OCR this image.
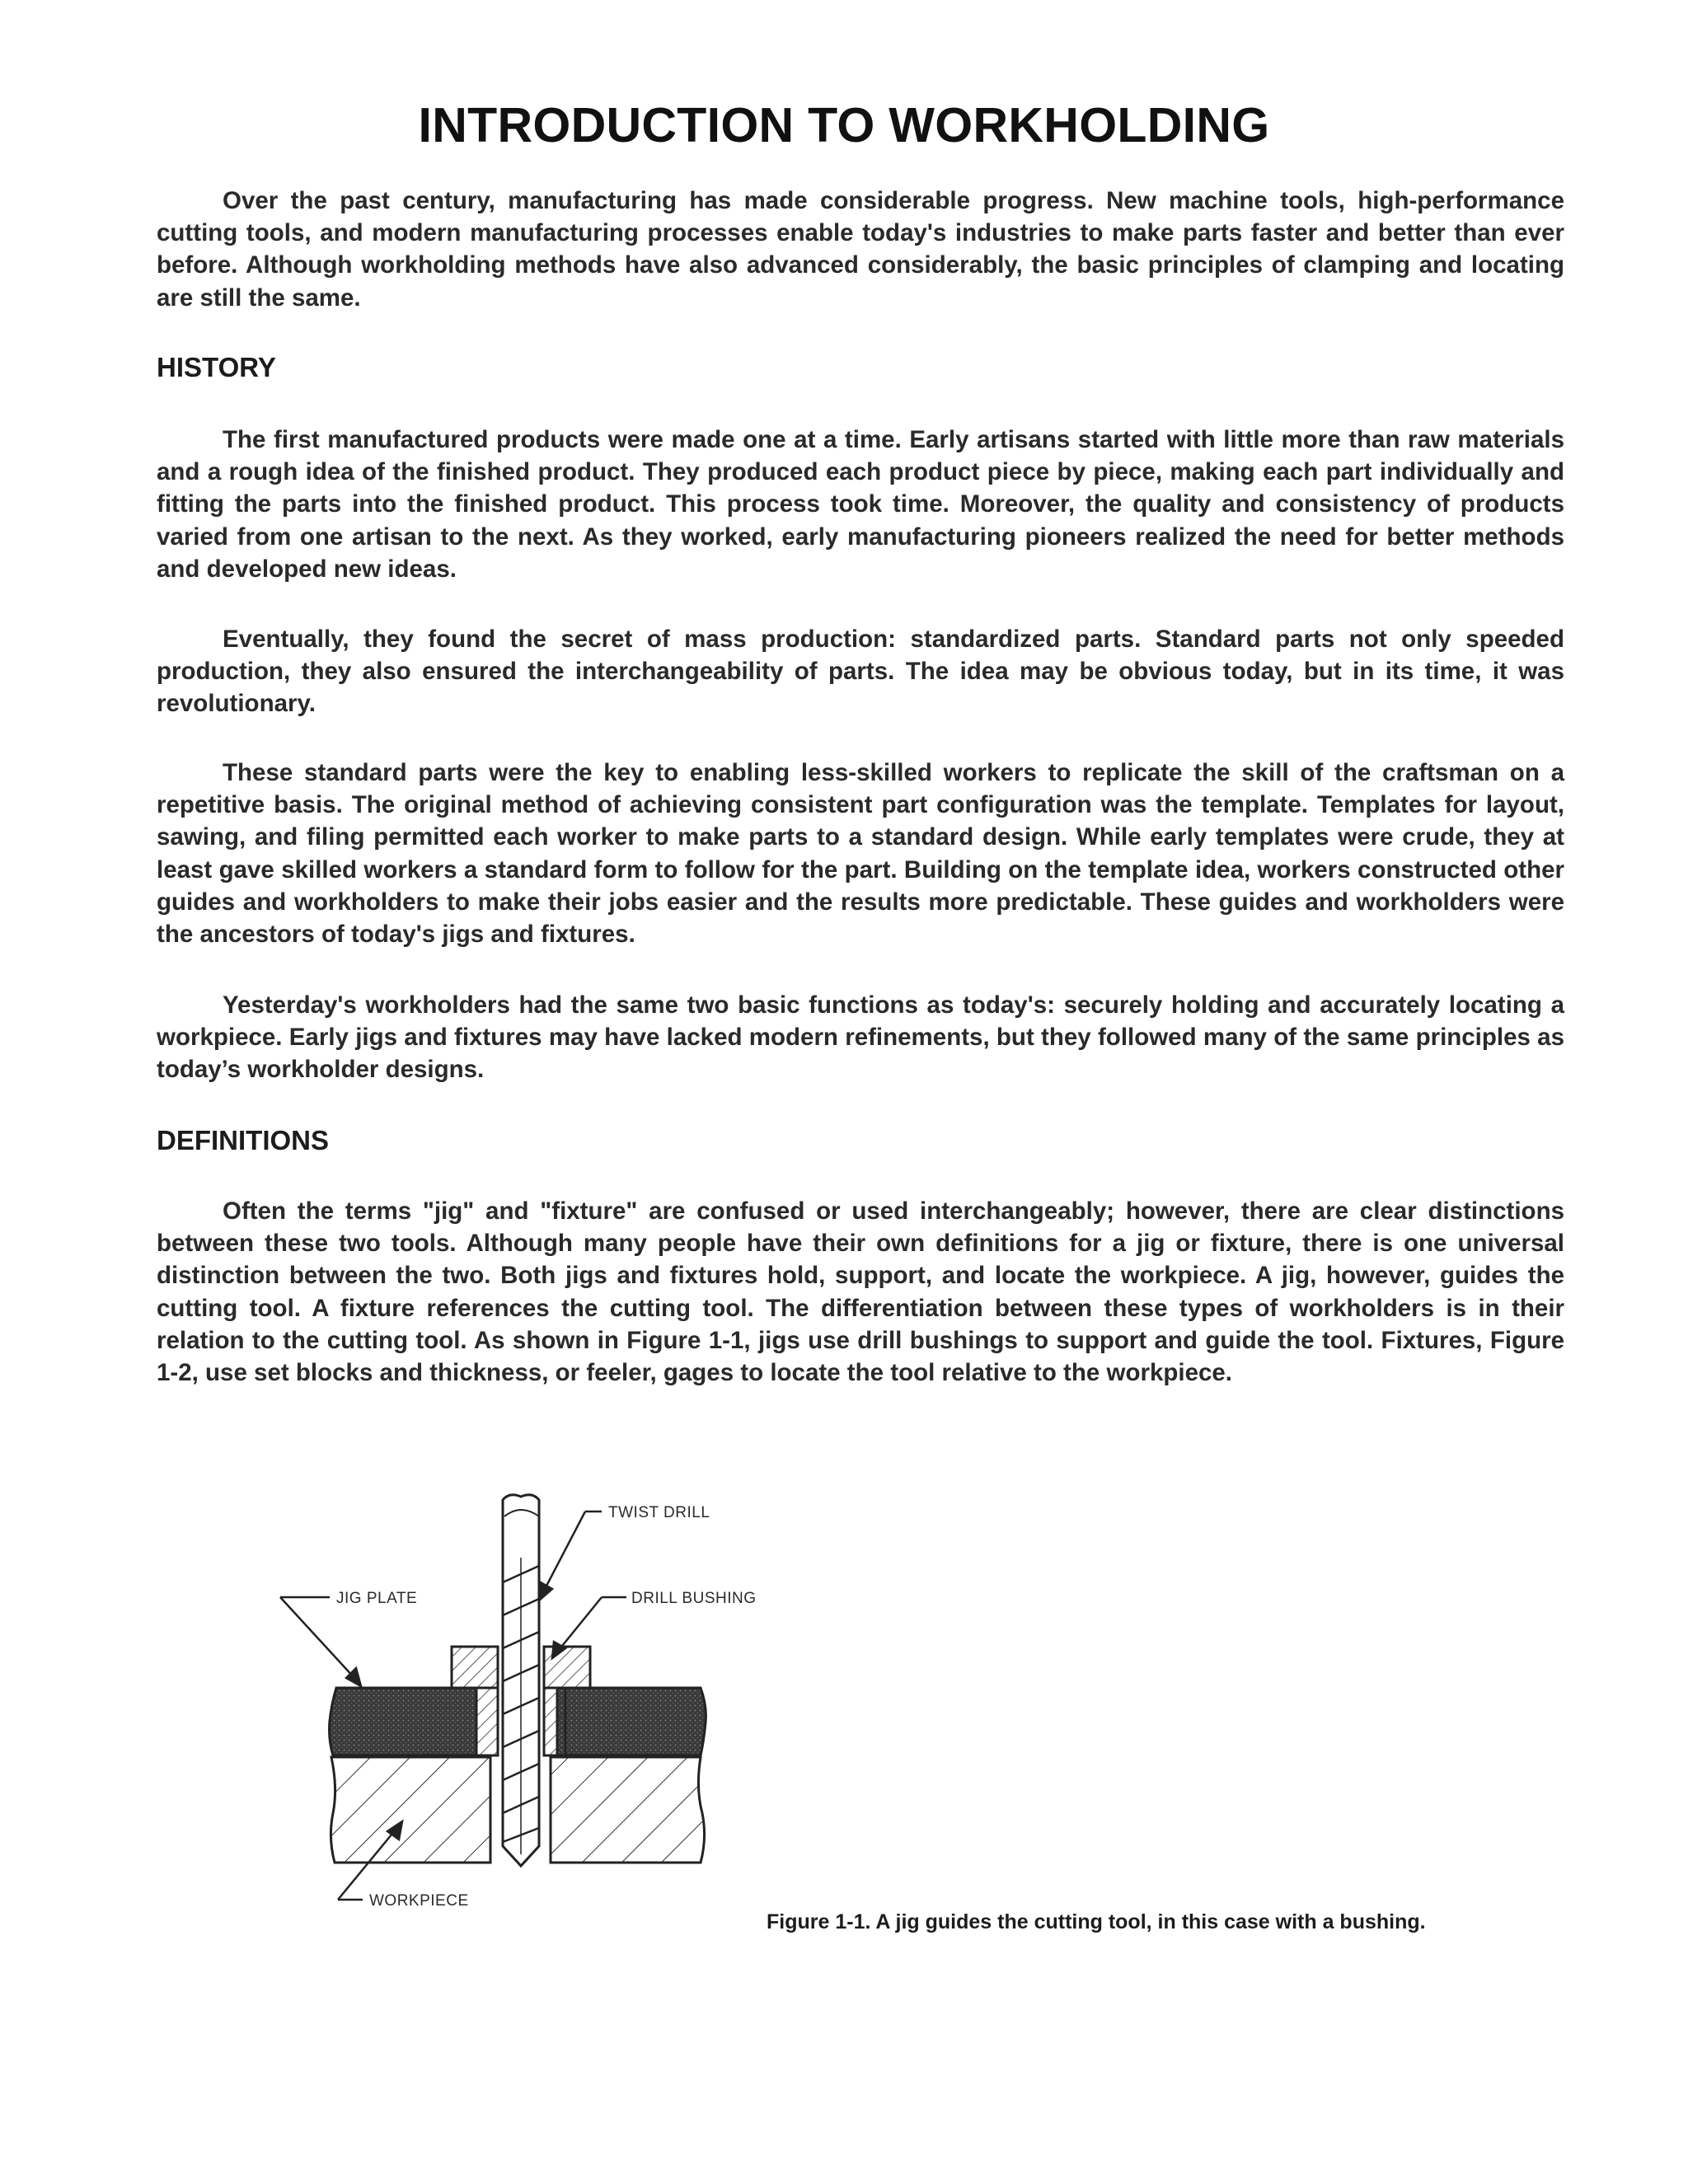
INTRODUCTION TO WORKHOLDING

Over the past century, manufacturing has made considerable progress. New machine tools, high-performance cutting tools, and modern manufacturing processes enable today's industries to make parts faster and better than ever before. Although workholding methods have also advanced considerably, the basic principles of clamping and locating are still the same.

HISTORY

The first manufactured products were made one at a time. Early artisans started with little more than raw materials and a rough idea of the finished product. They produced each product piece by piece, making each part individually and fitting the parts into the finished product. This process took time. Moreover, the quality and consistency of products varied from one artisan to the next. As they worked, early manufacturing pioneers realized the need for better methods and developed new ideas.

Eventually, they found the secret of mass production: standardized parts. Standard parts not only speeded production, they also ensured the interchangeability of parts. The idea may be obvious today, but in its time, it was revolutionary.

These standard parts were the key to enabling less-skilled workers to replicate the skill of the craftsman on a repetitive basis. The original method of achieving consistent part configuration was the template. Templates for layout, sawing, and filing permitted each worker to make parts to a standard design. While early templates were crude, they at least gave skilled workers a standard form to follow for the part. Building on the template idea, workers constructed other guides and workholders to make their jobs easier and the results more predictable. These guides and workholders were the ancestors of today's jigs and fixtures.

Yesterday's workholders had the same two basic functions as today's: securely holding and accurately locating a workpiece. Early jigs and fixtures may have lacked modern refinements, but they followed many of the same principles as today’s workholder designs.

DEFINITIONS

Often the terms "jig" and "fixture" are confused or used interchangeably; however, there are clear distinctions between these two tools. Although many people have their own definitions for a jig or fixture, there is one universal distinction between the two. Both jigs and fixtures hold, support, and locate the workpiece. A jig, however, guides the cutting tool. A fixture references the cutting tool. The differentiation between these types of workholders is in their relation to the cutting tool. As shown in Figure 1-1, jigs use drill bushings to support and guide the tool. Fixtures, Figure 1-2, use set blocks and thickness, or feeler, gages to locate the tool relative to the workpiece.

TWIST DRILL
JIG PLATE	DRILL BUSHING
WORKPIECE

Figure 1-1. A jig guides the cutting tool, in this case with a bushing.
